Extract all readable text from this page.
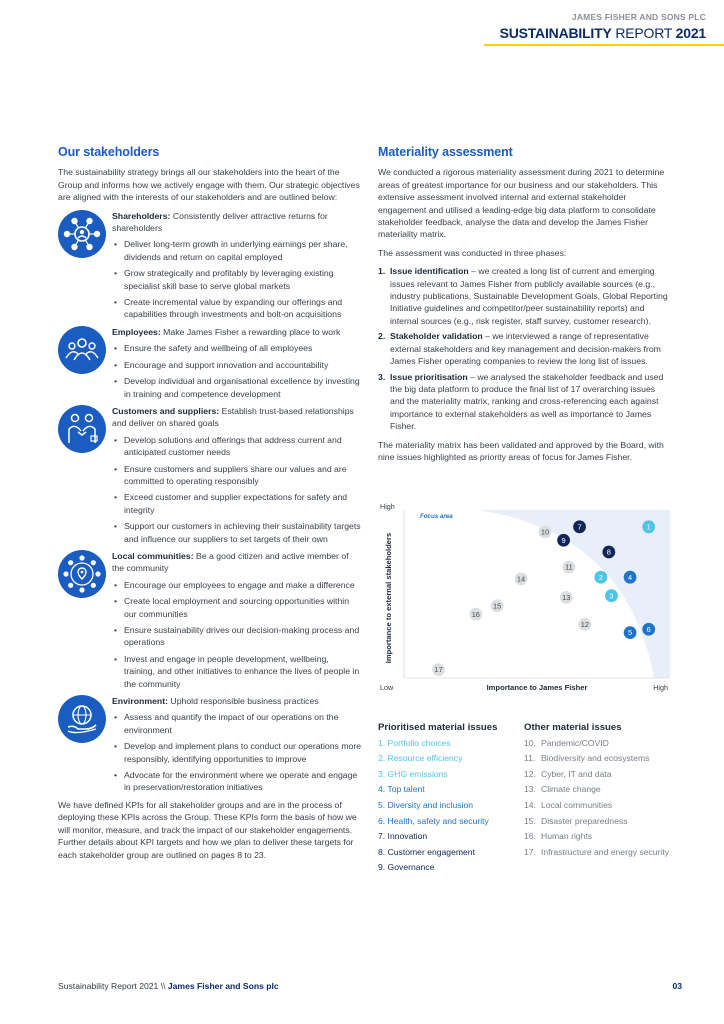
JAMES FISHER AND SONS PLC
SUSTAINABILITY REPORT 2021
Our stakeholders

The sustainability strategy brings all our stakeholders into the heart of the Group and informs how we actively engage with them. Our strategic objectives are aligned with the interests of our stakeholders and are outlined below:

Shareholders: Consistently deliver attractive returns for shareholders
• Deliver long-term growth in underlying earnings per share, dividends and return on capital employed
• Grow strategically and profitably by leveraging existing specialist skill base to serve global markets
• Create incremental value by expanding our offerings and capabilities through investments and bolt-on acquisitions
Employees: Make James Fisher a rewarding place to work
• Ensure the safety and wellbeing of all employees
• Encourage and support innovation and accountability
• Develop individual and organisational excellence by investing in training and competence development
Customers and suppliers: Establish trust-based relationships and deliver on shared goals
• Develop solutions and offerings that address current and anticipated customer needs
• Ensure customers and suppliers share our values and are committed to operating responsibly
• Exceed customer and supplier expectations for safety and integrity
• Support our customers in achieving their sustainability targets and influence our suppliers to set targets of their own
Local communities: Be a good citizen and active member of the community
• Encourage our employees to engage and make a difference
• Create local employment and sourcing opportunities within our communities
• Ensure sustainability drives our decision-making process and operations
• Invest and engage in people development, wellbeing, training, and other initiatives to enhance the lives of people in the community
Environment: Uphold responsible business practices
• Assess and quantify the impact of our operations on the environment
• Develop and implement plans to conduct our operations more responsibly, identifying opportunities to improve
• Advocate for the environment where we operate and engage in preservation/restoration initiatives

We have defined KPIs for all stakeholder groups and are in the process of deploying these KPIs across the Group. These KPIs form the basis of how we will monitor, measure, and track the impact of our stakeholder engagements. Further details about KPI targets and how we plan to deliver these targets for each stakeholder group are outlined on pages 8 to 23.

Materiality assessment

We conducted a rigorous materiality assessment during 2021 to determine areas of greatest importance for our business and our stakeholders. This extensive assessment involved internal and external stakeholder engagement and utilised a leading-edge big data platform to consolidate stakeholder feedback, analyse the data and develop the James Fisher materiality matrix.

The assessment was conducted in three phases:

1. Issue identification – we created a long list of current and emerging issues relevant to James Fisher from publicly available sources (e.g., industry publications, Sustainable Development Goals, Global Reporting Initiative guidelines and competitor/peer sustainability reports) and internal sources (e.g., risk register, staff survey, customer research).
2. Stakeholder validation – we interviewed a range of representative external stakeholders and key management and decision-makers from James Fisher operating companies to review the long list of issues.
3. Issue prioritisation – we analysed the stakeholder feedback and used the big data platform to produce the final list of 17 overarching issues and the materiality matrix, ranking and cross-referencing each against importance to external stakeholders as well as importance to James Fisher.

The materiality matrix has been validated and approved by the Board, with nine issues highlighted as priority areas of focus for James Fisher.

Focus area
High
Low	High
Importance to James Fisher
Importance to external stakeholders
1
2
3
4
5 6
7
8
9
10
11
12
13
14
15
16
17
Prioritised material issues
1. Portfolio choices
2. Resource efficiency
3. GHG emissions
4. Top talent
5. Diversity and inclusion
6. Health, safety and security
7. Innovation
8. Customer engagement
9. Governance
Other material issues
10. Pandemic/COVID
11. Biodiversity and ecosystems
12. Cyber, IT and data
13. Climate change
14. Local communities
15. Disaster preparedness
16. Human rights
17. Infrastructure and energy security
Sustainability Report 2021 \\ James Fisher and Sons plc	03
